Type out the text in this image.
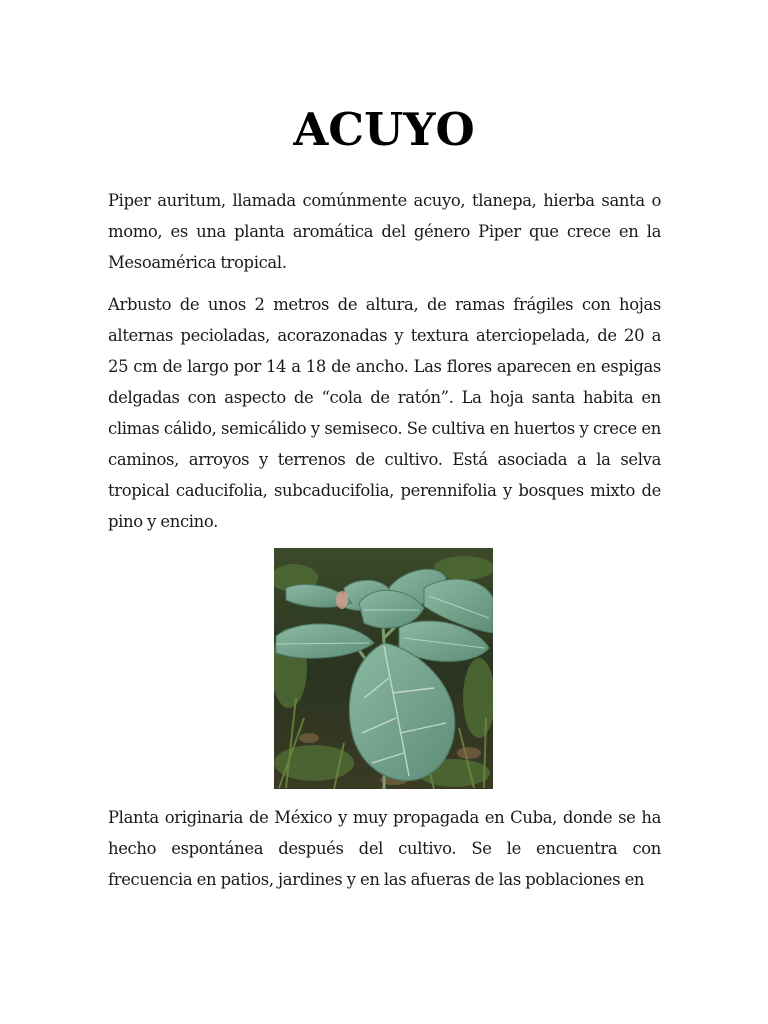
ACUYO

Piper auritum, llamada comúnmente acuyo, tlanepa, hierba santa o momo, es una planta aromática del género Piper que crece en la Mesoamérica tropical.

Arbusto de unos 2 metros de altura, de ramas frágiles con hojas alternas pecioladas, acorazonadas y textura aterciopelada, de 20 a 25 cm de largo por 14 a 18 de ancho. Las flores aparecen en espigas delgadas con aspecto de “cola de ratón”. La hoja santa habita en climas cálido, semicálido y semiseco. Se cultiva en huertos y crece en caminos, arroyos y terrenos de cultivo. Está asociada a la selva tropical caducifolia, subcaducifolia, perennifolia y bosques mixto de pino y encino.

Planta originaria de México y muy propagada en Cuba, donde se ha hecho espontánea después del cultivo. Se le encuentra con frecuencia en patios, jardines y en las afueras de las poblaciones en
